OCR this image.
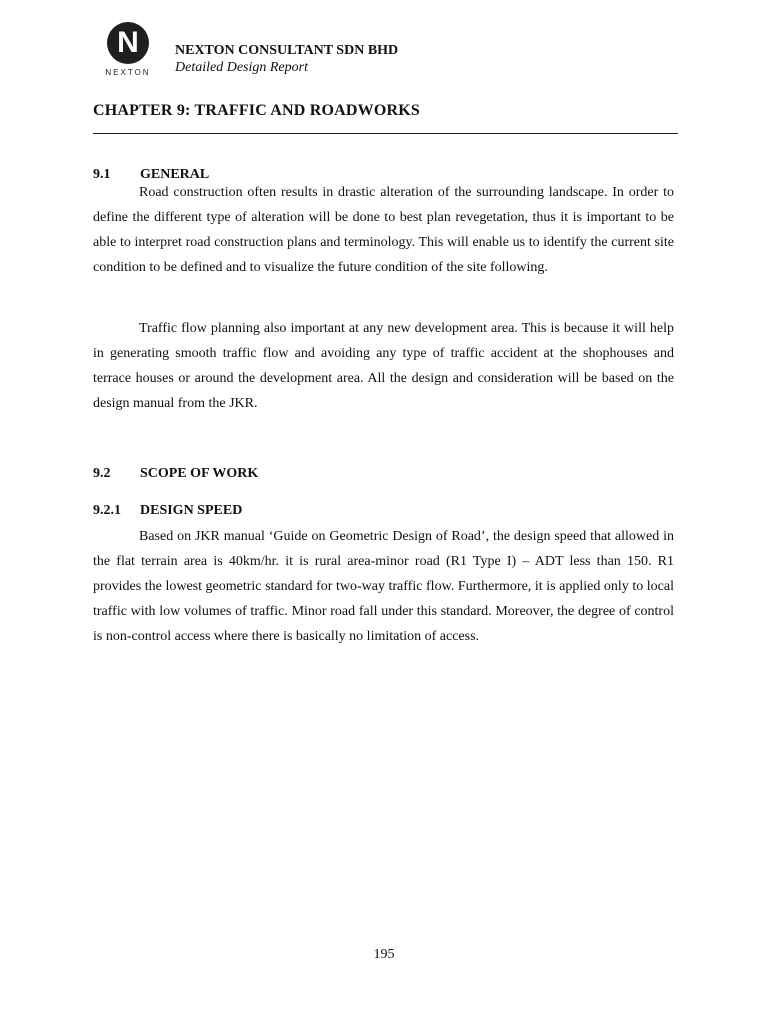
N
NEXTON
NEXTON CONSULTANT SDN BHD
Detailed Design Report
CHAPTER 9: TRAFFIC AND ROADWORKS
9.1 GENERAL

Road construction often results in drastic alteration of the surrounding landscape. In order to define the different type of alteration will be done to best plan revegetation, thus it is important to be able to interpret road construction plans and terminology. This will enable us to identify the current site condition to be defined and to visualize the future condition of the site following.

Traffic flow planning also important at any new development area. This is because it will help in generating smooth traffic flow and avoiding any type of traffic accident at the shophouses and terrace houses or around the development area. All the design and consideration will be based on the design manual from the JKR.

9.2 SCOPE OF WORK
9.2.1 DESIGN SPEED

Based on JKR manual ‘Guide on Geometric Design of Road’, the design speed that allowed in the flat terrain area is 40km/hr. it is rural area-minor road (R1 Type I) – ADT less than 150. R1 provides the lowest geometric standard for two-way traffic flow. Furthermore, it is applied only to local traffic with low volumes of traffic. Minor road fall under this standard. Moreover, the degree of control is non-control access where there is basically no limitation of access.

195
